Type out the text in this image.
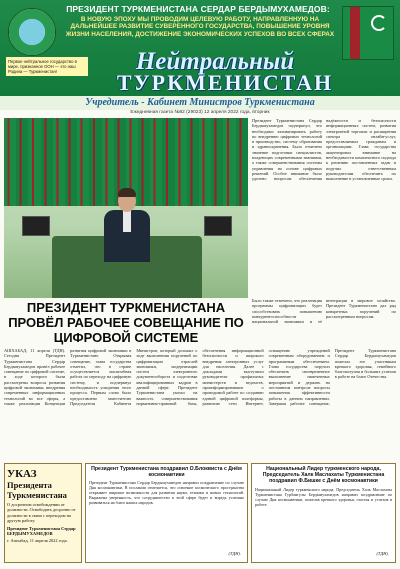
ПРЕЗИДЕНТ ТУРКМЕНИСТАНА СЕРДАР БЕРДЫМУХАМЕДОВ:
В НОВУЮ ЭПОХУ МЫ ПРОВОДИМ ЦЕЛЕВУЮ РАБОТУ, НАПРАВЛЕННУЮ НА ДАЛЬНЕЙШЕЕ РАЗВИТИЕ СУВЕРЕННОГО ГОСУДАРСТВА, ПОВЫШЕНИЕ УРОВНЯ ЖИЗНИ НАСЕЛЕНИЯ, ДОСТИЖЕНИЕ ЭКОНОМИЧЕСКИХ УСПЕХОВ ВО ВСЕХ СФЕРАХ
Первое нейтральное государство в мире, признанное ООН — это наш Родина — Туркменистан!	Нейтральный
ТУРКМЕНИСТАН
Учредитель - Кабинет Министров Туркменистана
Ежедневная газета №82 (29023) 12 апреля 2022 года, вторник
Президент Туркменистана Сердар Бердымухамедов подчеркнул, что необходимо активизировать работу по внедрению цифровых технологий в производство, систему образования и здравоохранения. Было отмечено значение подготовки специалистов, владеющих современными знаниями, а также совершенствования системы управления на основе цифровых решений. Особое внимание было уделено вопросам обеспечения надёжности и безопасности информационных систем, развития электронной торговли и расширения спектра онлайн-услуг, предоставляемых гражданам и организациям. Глава государства акцентировал внимание на необходимости комплексного подхода к решению поставленных задач и поручил ответственным руководителям обеспечить их выполнение в установленные сроки.
ПРЕЗИДЕНТ ТУРКМЕНИСТАНА ПРОВЁЛ РАБОЧЕЕ СОВЕЩАНИЕ ПО ЦИФРОВОЙ СИСТЕМЕ
Было также отмечено, что реализация программы цифровизации будет способствовать повышению конкурентоспособности национальной экономики и её интеграции в мировое хозяйство. Президент Туркменистана дал ряд конкретных поручений по рассмотренным вопросам.
АШХАБАД, 11 апреля (ТДН). Сегодня Президент Туркменистана Сердар Бердымухамедов провёл рабочее совещание по цифровой системе, в ходе которого были рассмотрены вопросы развития цифровой экономики, внедрения современных информационных технологий во все сферы, а также реализации Концепции развития цифровой экономики в Туркменистане.	Открывая совещание, глава государства отметил, что в стране осуществляется масштабная работа по переходу на цифровую систему, и подчеркнул необходимость ускорения этого процесса. Первым слово было предоставлено заместителю Председателя Кабинета Министров, который доложил о ходе выполнения поручений по цифровизации отраслей экономики, модернизации систем электронного документооборота и подготовке квалифицированных кадров в данной сфере. Президент Туркменистана указал на важность совершенствования нормативно-правовой базы, обеспечения информационной безопасности и широкого внедрения электронных услуг для населения. Далее с докладами выступили руководители профильных министерств и ведомств, проинформировавшие о проводимой работе по созданию единой цифровой платформы, развитию сети Интернет, оснащению учреждений современным оборудованием и программным обеспечением. Глава государства поручил обеспечить своевременное выполнение намеченных мероприятий и держать на постоянном контроле вопросы повышения эффективности работы в данном направлении. Завершая рабочее совещание, Президент Туркменистана Сердар Бердымухамедов пожелал его участникам крепкого здоровья, семейного благополучия и больших успехов в работе на благо Отечества.
УКАЗ
Президента Туркменистана
О досрочном освобождении от должности. Освободить досрочно от должности в связи с переходом на другую работу.
Президент Туркменистана Сердар БЕРДЫМУХАМЕДОВ
г. Ашхабад, 11 апреля 2022 года.
Президент Туркменистана поздравил О.Блоквиста с Днём космонавтики
Президент Туркменистана Сердар Бердымухамедов направил поздравление по случаю Дня космонавтики. В послании отмечается, что освоение космического пространства открывает широкие возможности для развития науки, техники и новых технологий. Выражена уверенность, что сотрудничество в этой сфере будет и впредь успешно развиваться на благо наших народов.
(ТДН).
Национальный Лидер туркменского народа, Председатель Халк Маслахаты Туркменистана поздравил Ф.Бишке с Днём космонавтики
Национальный Лидер туркменского народа, Председатель Халк Маслахаты Туркменистана Гурбангулы Бердымухамедов направил поздравление по случаю Дня космонавтики, пожелав крепкого здоровья, счастья и успехов в работе.
(ТДН).
